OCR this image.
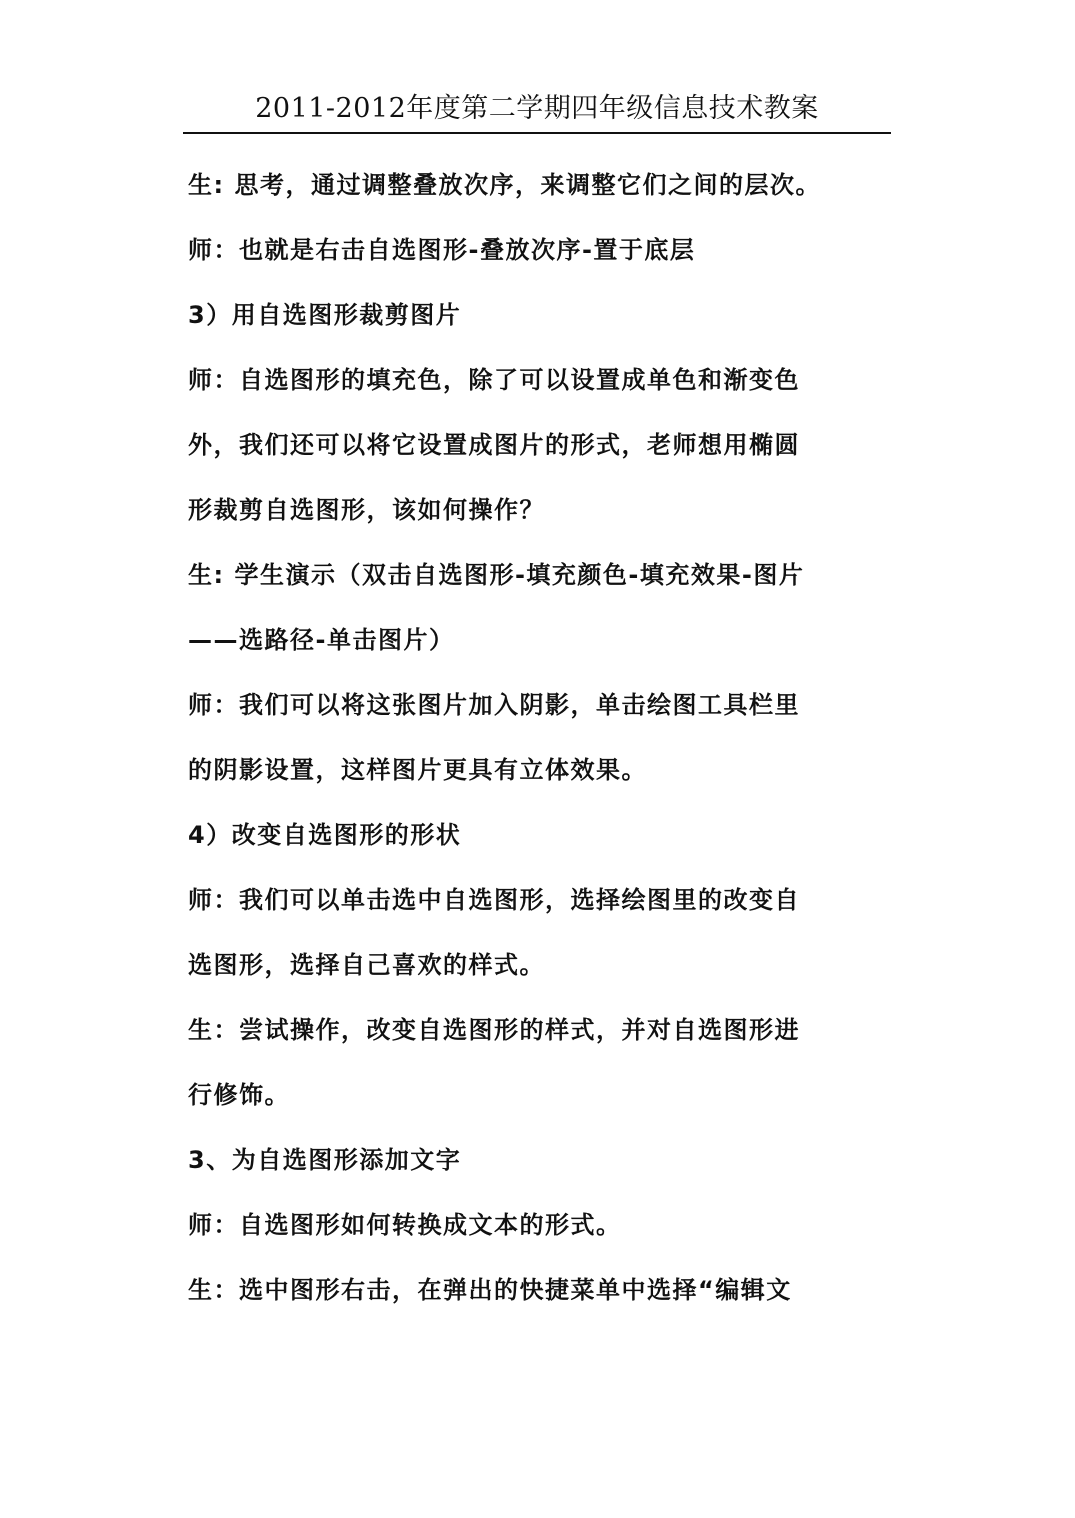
2011-2012年度第二学期四年级信息技术教案
生: 思考，通过调整叠放次序，来调整它们之间的层次。
师：也就是右击自选图形-叠放次序-置于底层
3）用自选图形裁剪图片
师：自选图形的填充色，除了可以设置成单色和渐变色
外，我们还可以将它设置成图片的形式，老师想用椭圆
形裁剪自选图形，该如何操作？
生: 学生演示（双击自选图形-填充颜色-填充效果-图片
——选路径-单击图片）
师：我们可以将这张图片加入阴影，单击绘图工具栏里
的阴影设置，这样图片更具有立体效果。
4）改变自选图形的形状
师：我们可以单击选中自选图形，选择绘图里的改变自
选图形，选择自己喜欢的样式。
生：尝试操作，改变自选图形的样式，并对自选图形进
行修饰。
3、为自选图形添加文字
师：自选图形如何转换成文本的形式。
生：选中图形右击，在弹出的快捷菜单中选择“编辑文
